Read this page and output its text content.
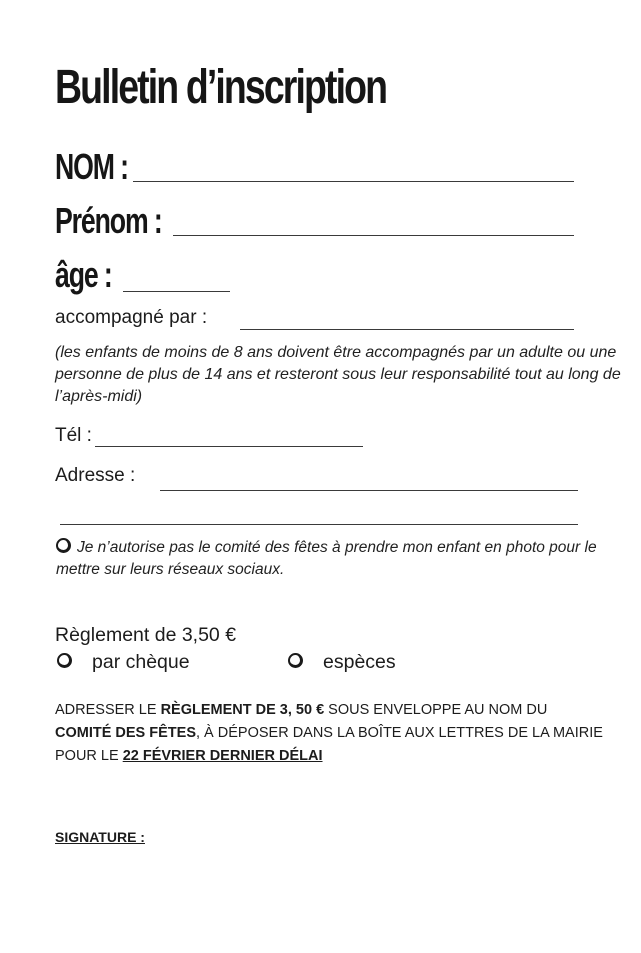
Bulletin d’inscription
NOM :
Prénom :
âge :
accompagné par :
(les enfants de moins de 8 ans doivent être accompagnés par un adulte ou une personne de plus de 14 ans et resteront sous leur responsabilité tout au long de l’après-midi)
Tél :
Adresse :
Je n’autorise pas le comité des fêtes à prendre mon enfant en photo pour le mettre sur leurs réseaux sociaux.
Règlement de 3,50 €
par chèque	espèces
ADRESSER LE RÈGLEMENT DE 3, 50 € SOUS ENVELOPPE AU NOM DU
COMITÉ DES FÊTES, À DÉPOSER DANS LA BOÎTE AUX LETTRES DE LA MAIRIE POUR LE 22 FÉVRIER DERNIER DÉLAI
SIGNATURE :
